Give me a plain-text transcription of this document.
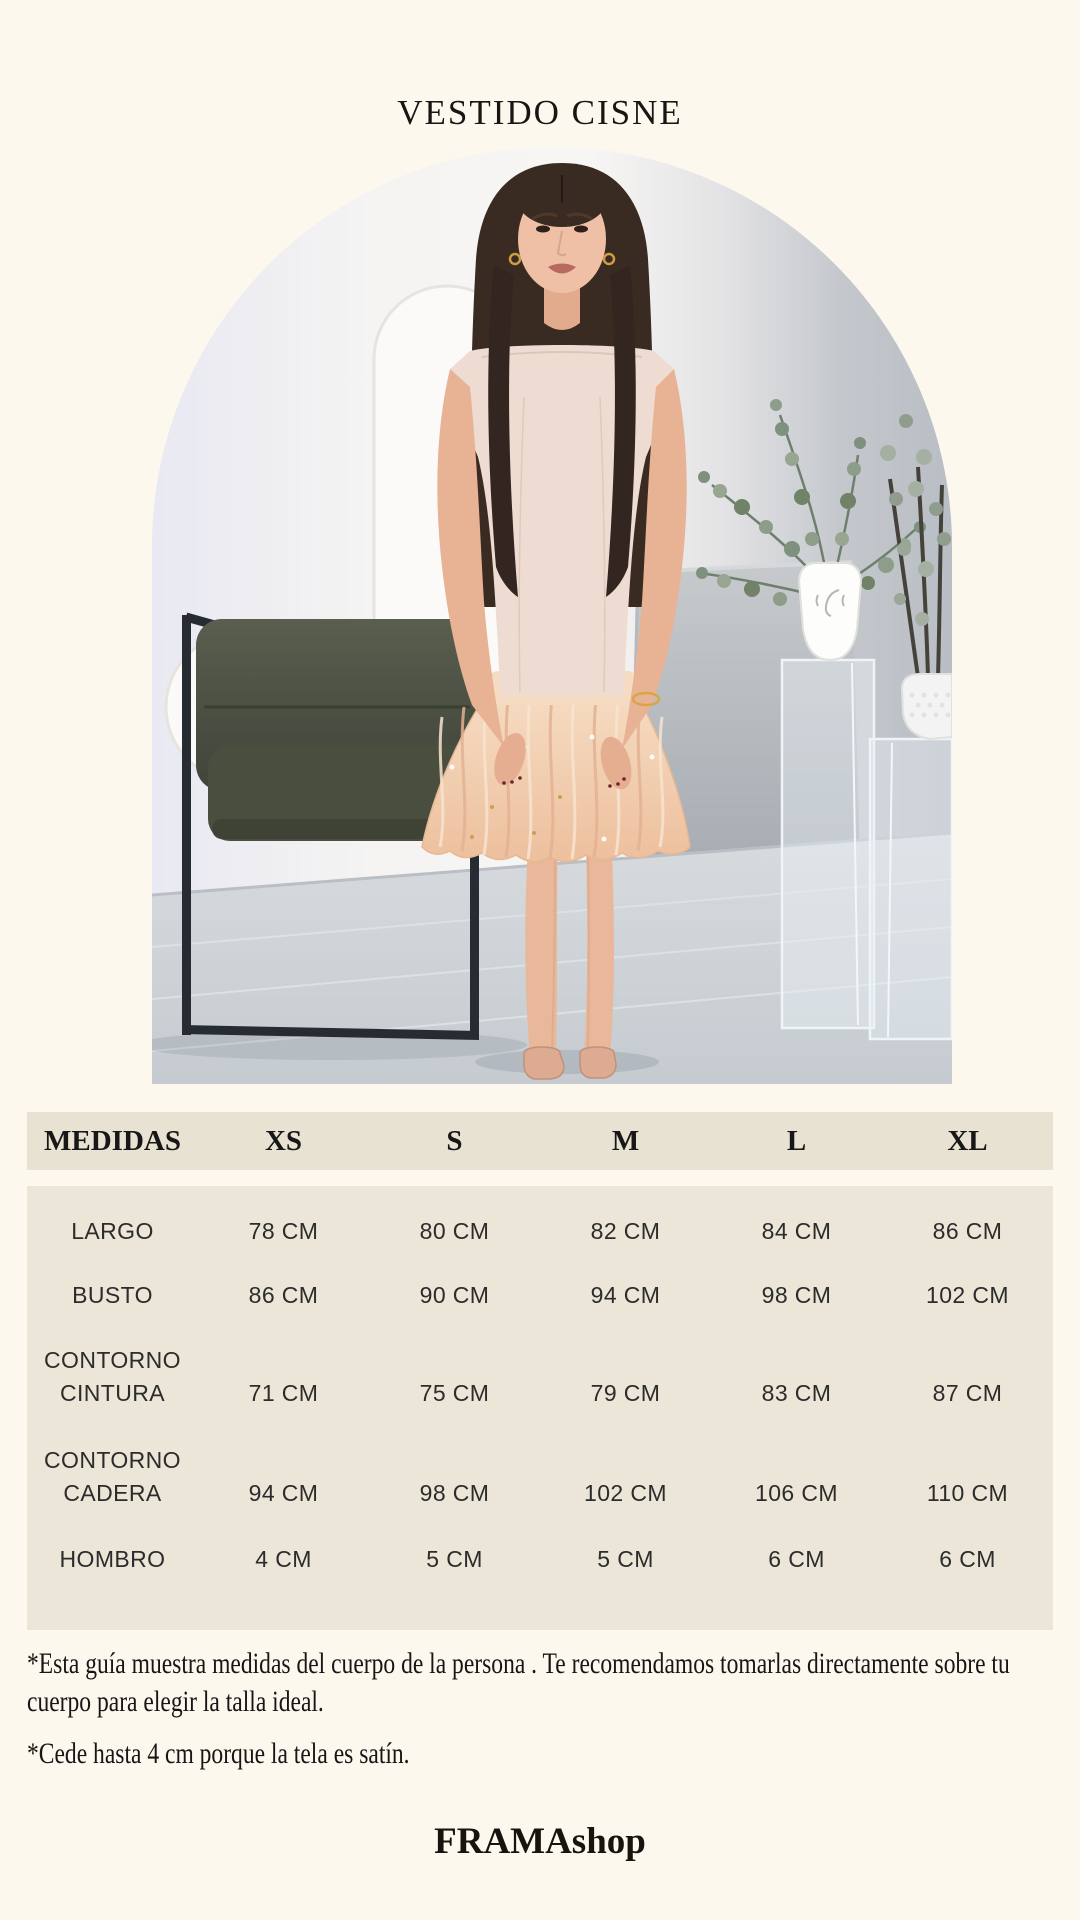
VESTIDO CISNE
MEDIDAS	XS	S	M	L	XL
LARGO	78 CM	80 CM	82 CM	84 CM	86 CM
BUSTO	86 CM	90 CM	94 CM	98 CM	102 CM
CONTORNO
CINTURA	71 CM	75 CM	79 CM	83 CM	87 CM
CONTORNO
CADERA	94 CM	98 CM	102 CM	106 CM	110 CM
HOMBRO	4 CM	5 CM	5 CM	6 CM	6 CM

*Esta guía muestra medidas del cuerpo de la persona . Te recomendamos tomarlas directamente sobre tu cuerpo para elegir la talla ideal.

*Cede hasta 4 cm porque la tela es satín.

FRAMAshop
